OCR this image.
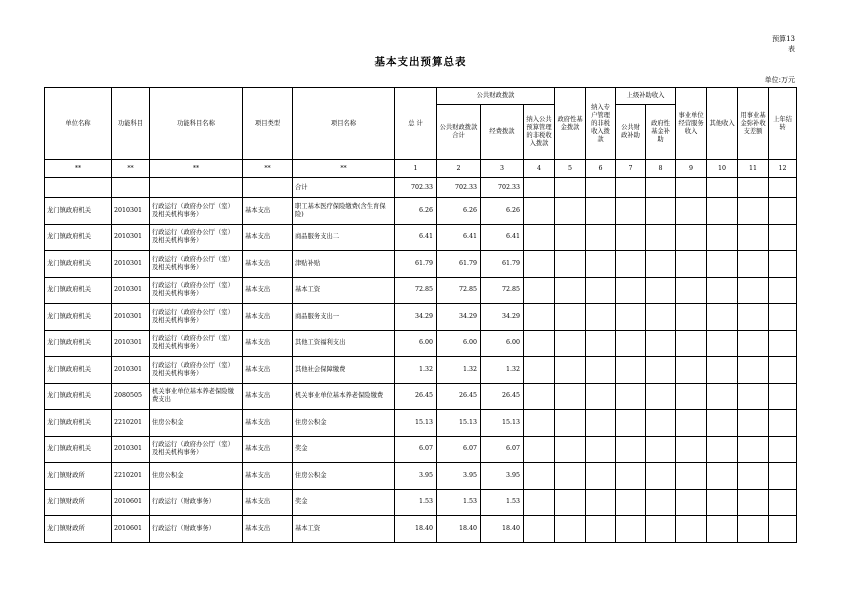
预算13
表
基本支出预算总表
单位:万元
单位名称	功能科目	功能科目名称	项目类型	项目名称	总 计	公共财政拨款			政府性基金拨款	纳入专户管理的非税收入拨款	上级补助收入		事业单位经营服务收入	其他收入	用事业基金弥补收支差额	上年结转
						公共财政拨款合计	经费拨款	纳入公共预算管理的非税收入拨款			公共财政补助	政府性基金补助				
**	**	**	**	**	1	2	3	4	5	6	7	8	9	10	11	12
				合计	702.33	702.33	702.33									
龙门镇政府机关	2010301	行政运行（政府办公厅（室）及相关机构事务）	基本支出	职工基本医疗保险缴费(含生育保险)	6.26	6.26	6.26									
龙门镇政府机关	2010301	行政运行（政府办公厅（室）及相关机构事务）	基本支出	商品服务支出二	6.41	6.41	6.41									
龙门镇政府机关	2010301	行政运行（政府办公厅（室）及相关机构事务）	基本支出	津贴补贴	61.79	61.79	61.79									
龙门镇政府机关	2010301	行政运行（政府办公厅（室）及相关机构事务）	基本支出	基本工资	72.85	72.85	72.85									
龙门镇政府机关	2010301	行政运行（政府办公厅（室）及相关机构事务）	基本支出	商品服务支出一	34.29	34.29	34.29									
龙门镇政府机关	2010301	行政运行（政府办公厅（室）及相关机构事务）	基本支出	其他工资福利支出	6.00	6.00	6.00									
龙门镇政府机关	2010301	行政运行（政府办公厅（室）及相关机构事务）	基本支出	其他社会保障缴费	1.32	1.32	1.32									
龙门镇政府机关	2080505	机关事业单位基本养老保险缴费支出	基本支出	机关事业单位基本养老保险缴费	26.45	26.45	26.45									
龙门镇政府机关	2210201	住房公积金	基本支出	住房公积金	15.13	15.13	15.13									
龙门镇政府机关	2010301	行政运行（政府办公厅（室）及相关机构事务）	基本支出	奖金	6.07	6.07	6.07									
龙门镇财政所	2210201	住房公积金	基本支出	住房公积金	3.95	3.95	3.95									
龙门镇财政所	2010601	行政运行（财政事务）	基本支出	奖金	1.53	1.53	1.53									
龙门镇财政所	2010601	行政运行（财政事务）	基本支出	基本工资	18.40	18.40	18.40									
